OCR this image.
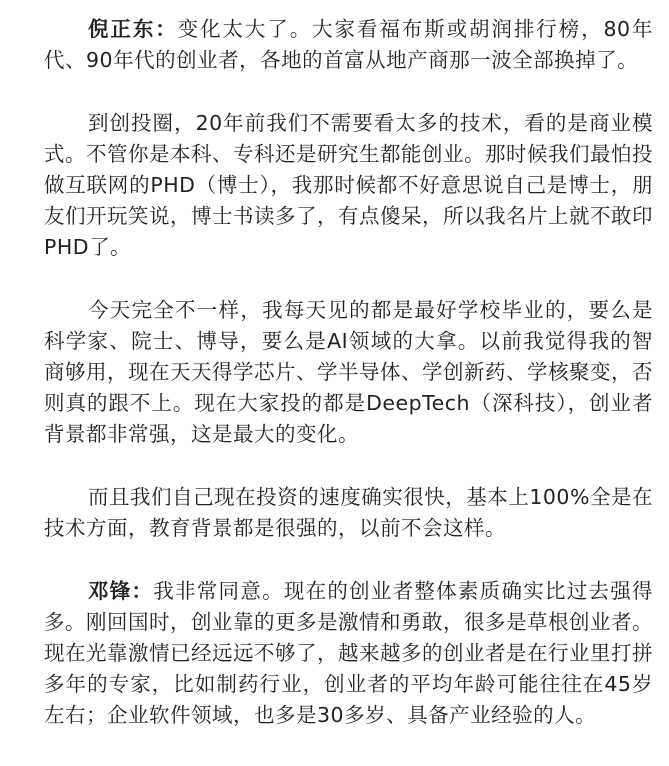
倪正东：变化太大了。大家看福布斯或胡润排行榜，80年代、90年代的创业者，各地的首富从地产商那一波全部换掉了。

到创投圈，20年前我们不需要看太多的技术，看的是商业模式。不管你是本科、专科还是研究生都能创业。那时候我们最怕投做互联网的PHD（博士），我那时候都不好意思说自己是博士，朋友们开玩笑说，博士书读多了，有点傻呆，所以我名片上就不敢印PHD了。

今天完全不一样，我每天见的都是最好学校毕业的，要么是科学家、院士、博导，要么是AI领域的大拿。以前我觉得我的智商够用，现在天天得学芯片、学半导体、学创新药、学核聚变，否则真的跟不上。现在大家投的都是DeepTech（深科技），创业者背景都非常强，这是最大的变化。

而且我们自己现在投资的速度确实很快，基本上100%全是在技术方面，教育背景都是很强的，以前不会这样。

邓锋：我非常同意。现在的创业者整体素质确实比过去强得多。刚回国时，创业靠的更多是激情和勇敢，很多是草根创业者。现在光靠激情已经远远不够了，越来越多的创业者是在行业里打拼多年的专家，比如制药行业，创业者的平均年龄可能往往在45岁左右；企业软件领域，也多是30多岁、具备产业经验的人。
